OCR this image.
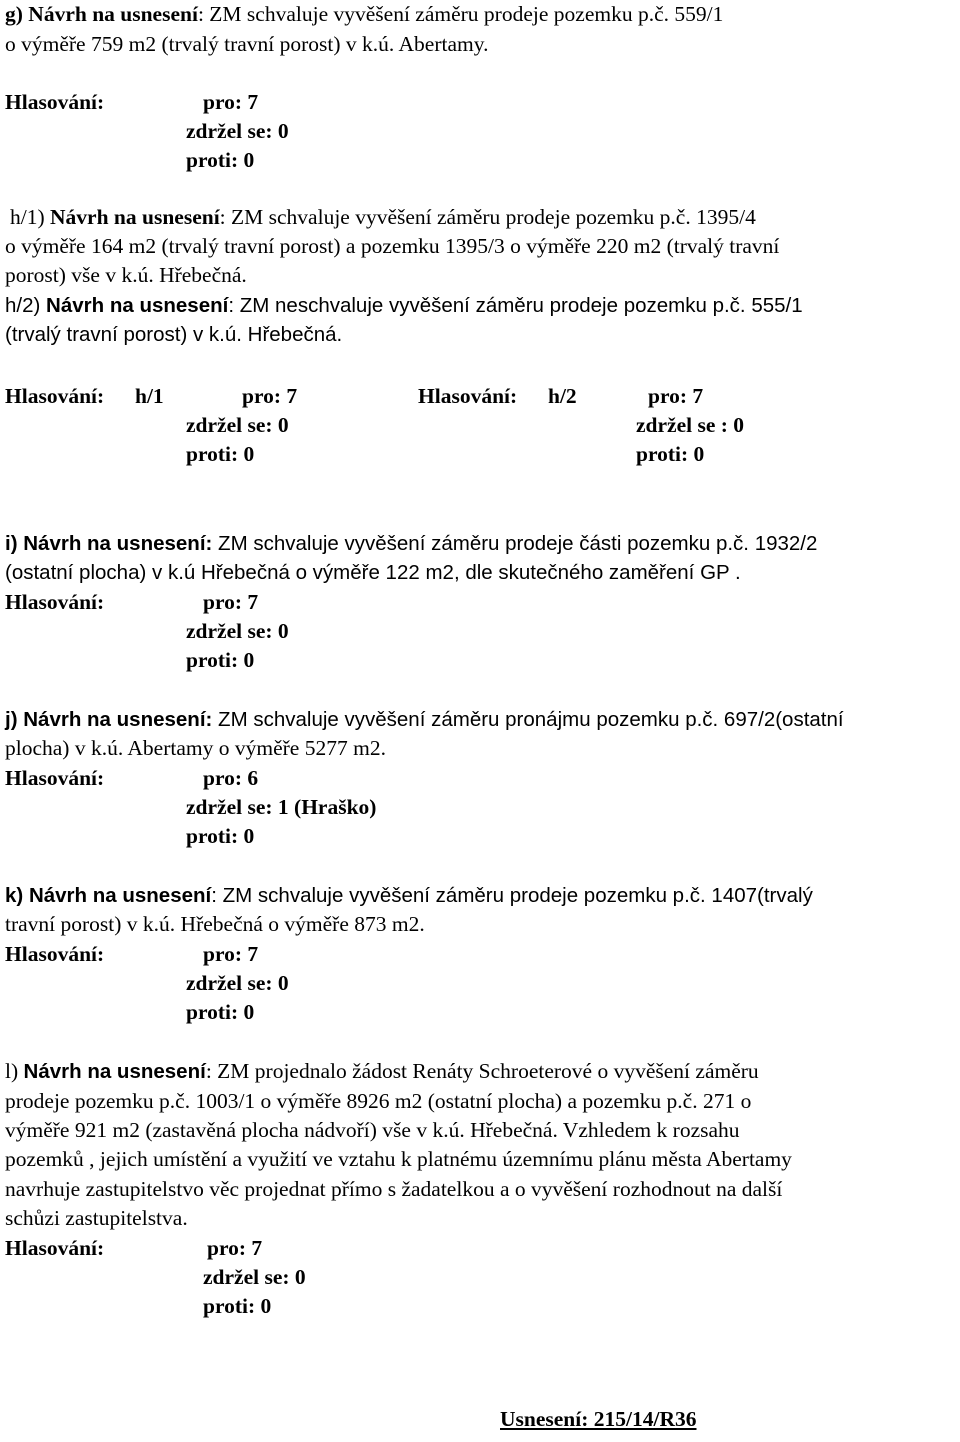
g) Návrh na usnesení: ZM schvaluje vyvěšení záměru prodeje pozemku p.č. 559/1
o výměře 759 m2 (trvalý travní porost) v k.ú. Abertamy.
Hlasování:	pro: 7
zdržel se: 0
proti: 0
h/1) Návrh na usnesení: ZM schvaluje vyvěšení záměru prodeje pozemku p.č. 1395/4
o výměře 164 m2 (trvalý travní porost) a pozemku 1395/3 o výměře 220 m2 (trvalý travní
porost) vše v k.ú. Hřebečná.
h/2) Návrh na usnesení: ZM neschvaluje vyvěšení záměru prodeje pozemku p.č. 555/1
(trvalý travní porost) v k.ú. Hřebečná.
Hlasování: h/1	pro: 7
zdržel se: 0
proti: 0
Hlasování: h/2	pro: 7
zdržel se : 0
proti: 0
i) Návrh na usnesení: ZM schvaluje vyvěšení záměru prodeje části pozemku p.č. 1932/2
(ostatní plocha) v k.ú Hřebečná o výměře 122 m2, dle skutečného zaměření GP .
Hlasování:	pro: 7
zdržel se: 0
proti: 0
j) Návrh na usnesení: ZM schvaluje vyvěšení záměru pronájmu pozemku p.č. 697/2(ostatní
plocha) v k.ú. Abertamy o výměře 5277 m2.
Hlasování:	pro: 6
zdržel se: 1 (Hraško)
proti: 0
k) Návrh na usnesení: ZM schvaluje vyvěšení záměru prodeje pozemku p.č. 1407(trvalý
travní porost) v k.ú. Hřebečná o výměře 873 m2.
Hlasování:	pro: 7
zdržel se: 0
proti: 0
l) Návrh na usnesení: ZM projednalo žádost Renáty Schroeterové o vyvěšení záměru
prodeje pozemku p.č. 1003/1 o výměře 8926 m2 (ostatní plocha) a pozemku p.č. 271 o
výměře 921 m2 (zastavěná plocha nádvoří) vše v k.ú. Hřebečná. Vzhledem k rozsahu
pozemků , jejich umístění a využití ve vztahu k platnému územnímu plánu města Abertamy
navrhuje zastupitelstvo věc projednat přímo s žadatelkou a o vyvěšení rozhodnout na další
schůzi zastupitelstva.
Hlasování:	pro: 7
zdržel se: 0
proti: 0
Usnesení: 215/14/R36
